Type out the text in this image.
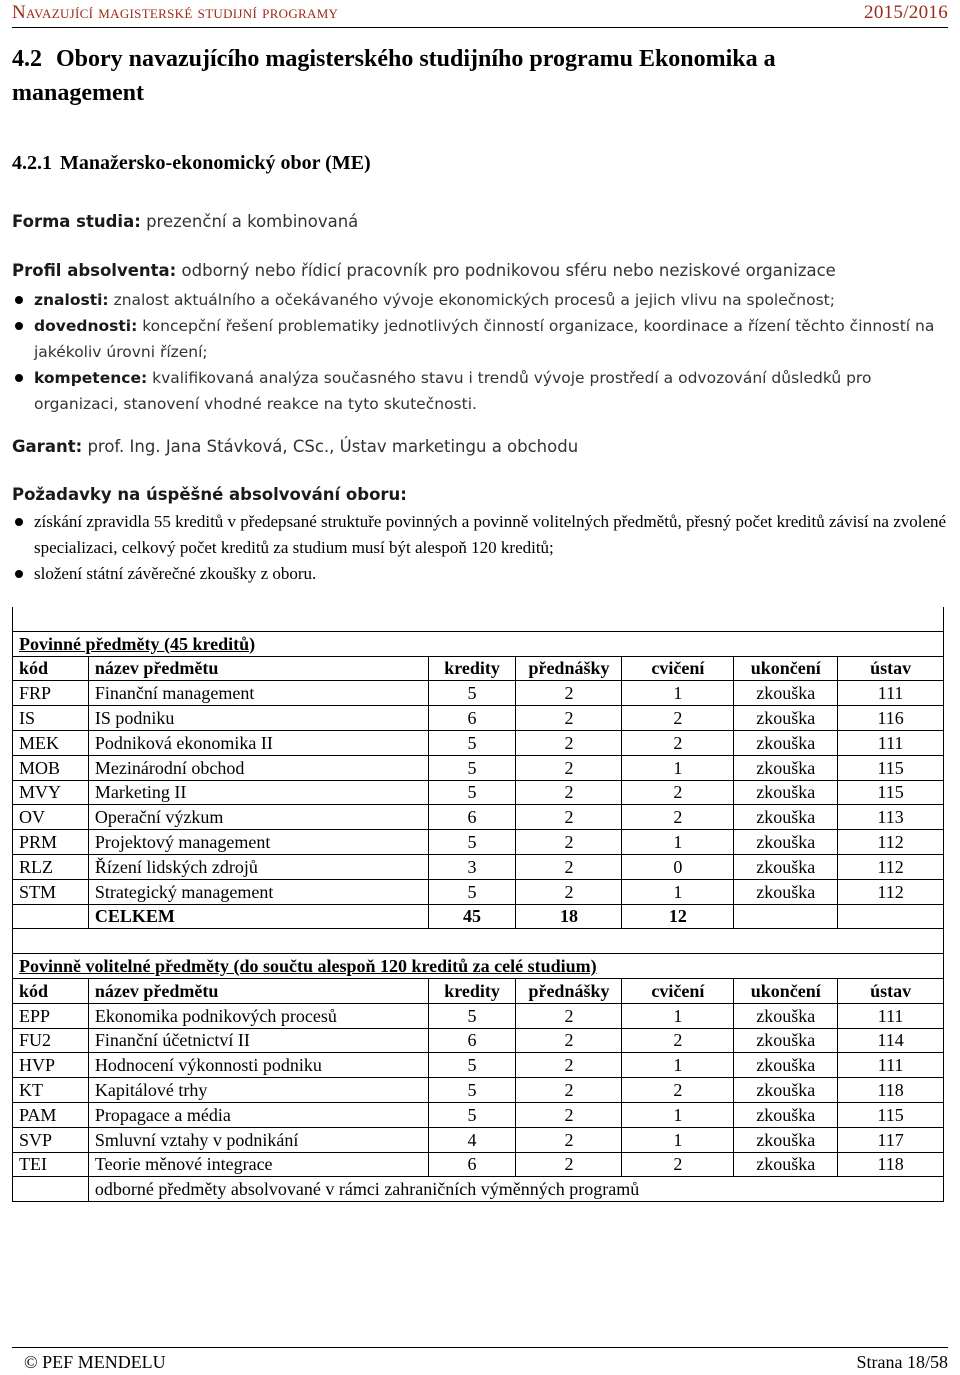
Navazující magisterské studijní programy	2015/2016
4.2 Obory navazujícího magisterského studijního programu Ekonomika a management
4.2.1 Manažersko-ekonomický obor (ME)
Forma studia: prezenční a kombinovaná
Profil absolventa: odborný nebo řídicí pracovník pro podnikovou sféru nebo neziskové organizace
znalosti: znalost aktuálního a očekávaného vývoje ekonomických procesů a jejich vlivu na společnost;
dovednosti: koncepční řešení problematiky jednotlivých činností organizace, koordinace a řízení těchto činností na jakékoliv úrovni řízení;
kompetence: kvalifikovaná analýza současného stavu i trendů vývoje prostředí a odvozování důsledků pro organizaci, stanovení vhodné reakce na tyto skutečnosti.
Garant: prof. Ing. Jana Stávková, CSc., Ústav marketingu a obchodu
Požadavky na úspěšné absolvování oboru:
získání zpravidla 55 kreditů v předepsané struktuře povinných a povinně volitelných předmětů, přesný počet kreditů závisí na zvolené specializaci, celkový počet kreditů za studium musí být alespoň 120 kreditů;
složení státní závěrečné zkoušky z oboru.

Povinné předměty (45 kreditů)						
kód	název předmětu	kredity	přednášky	cvičení	ukončení	ústav
FRP	Finanční management	5	2	1	zkouška	111
IS	IS podniku	6	2	2	zkouška	116
MEK	Podniková ekonomika II	5	2	2	zkouška	111
MOB	Mezinárodní obchod	5	2	1	zkouška	115
MVY	Marketing II	5	2	2	zkouška	115
OV	Operační výzkum	6	2	2	zkouška	113
PRM	Projektový management	5	2	1	zkouška	112
RLZ	Řízení lidských zdrojů	3	2	0	zkouška	112
STM	Strategický management	5	2	1	zkouška	112
	CELKEM	45	18	12		

Povinně volitelné předměty (do součtu alespoň 120 kreditů za celé studium)						
kód	název předmětu	kredity	přednášky	cvičení	ukončení	ústav
EPP	Ekonomika podnikových procesů	5	2	1	zkouška	111
FU2	Finanční účetnictví II	6	2	2	zkouška	114
HVP	Hodnocení výkonnosti podniku	5	2	1	zkouška	111
KT	Kapitálové trhy	5	2	2	zkouška	118
PAM	Propagace a média	5	2	1	zkouška	115
SVP	Smluvní vztahy v podnikání	4	2	1	zkouška	117
TEI	Teorie měnové integrace	6	2	2	zkouška	118
	odborné předměty absolvované v rámci zahraničních výměnných programů					
© PEF MENDELU	Strana 18/58
